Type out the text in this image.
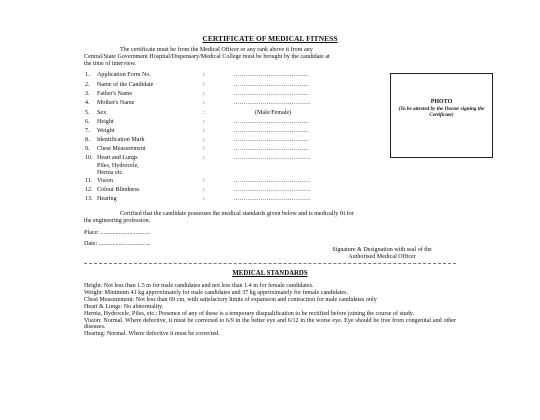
CERTIFICATE OF MEDICAL FITNESS
The certificate must be from the Medical Officer or any rank above it from any
Central/State Government Hospital/Dispensary/Medical College must be brought by the candidate at
the time of interview.
1.	Application Form No.	:	.......................................
2.	Name of the Candidate	:	.......................................
3.	Father's Name	:	.......................................
4.	Mother's Name	:	........................................
5.	Sex	:	(Male/Female)
6.	Height	:	.......................................
7.	Weight	:	.......................................
8.	Identification Mark	:	.......................................
9.	Chest Measurement	:	.......................................
10. Heart and Lungs	:	........................................
Piles, Hydrocele,
Hernia etc.
11. Vision	:	........................................
12. Colour Blindness	:	........................................
13. Hearing	:	........................................
PHOTO
(To be attested by the Doctor signing the Certificate)
Certified that the candidate possesses the medical standards given below and is medically fit for
the engineering profession.
Place: .................................
Date: ..................................
Signature & Designation with seal of the
Authorised Medical Officer
MEDICAL STANDARDS

Height: Not less than 1.5 m for male candidates and not less than 1.4 m for female candidates.

Weight: Minimum 41 kg approximately for male candidates and 37 kg approximately for female candidates.

Chest Measurement: Not less than 69 cm, with satisfactory limits of expansion and contraction for male candidates only

Heart & Lungs: No abnormality.

Hernia, Hydrocele, Piles, etc.: Presence of any of these is a temporary disqualification to be rectified before joining the course of study.

Vision: Normal. Where defective, it must be corrected to 6/9 in the better eye and 6/12 in the worse eye. Eye should be free from congenital and other diseases.

Hearing: Normal. Where defective it must be corrected.
